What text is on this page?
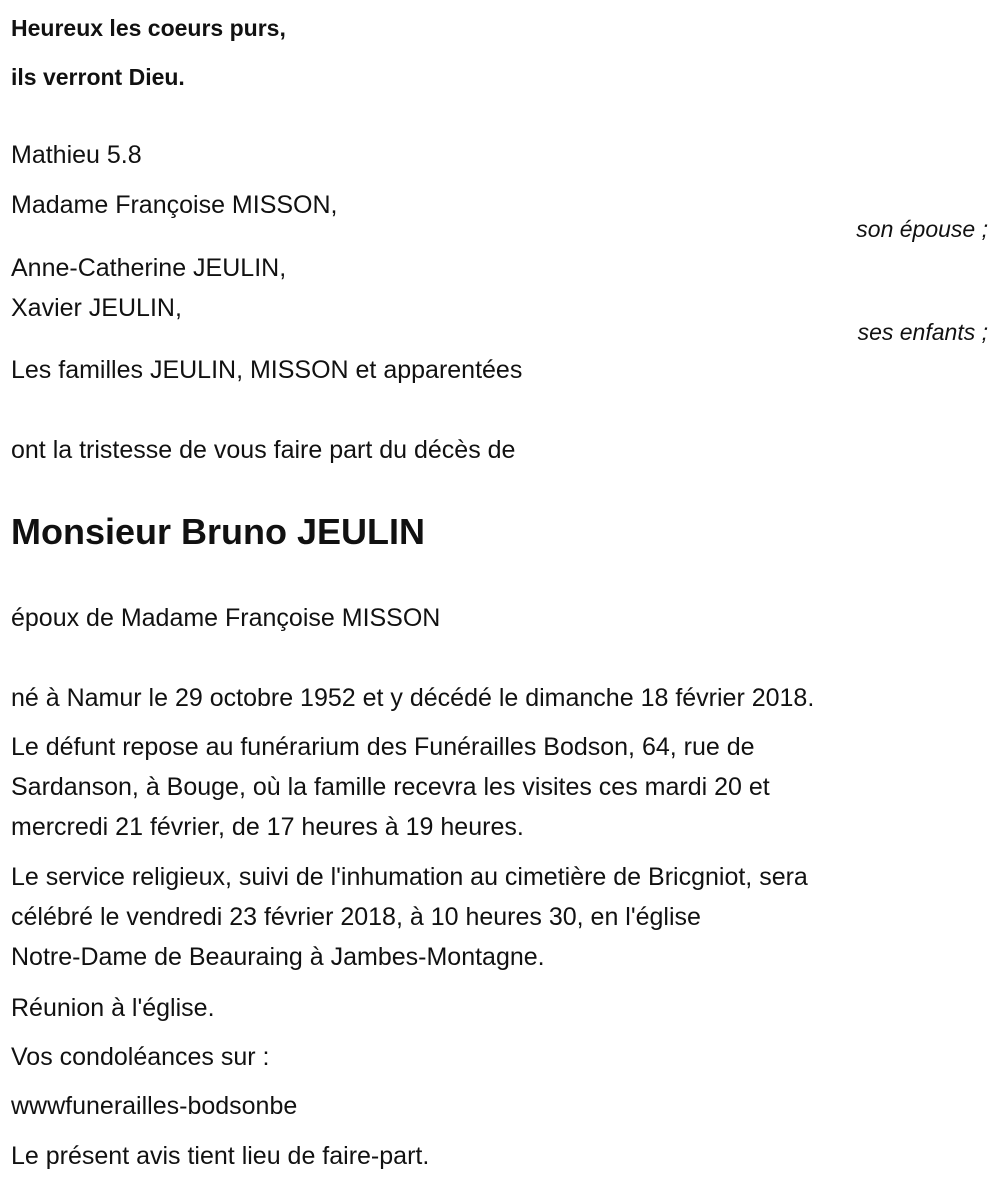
Heureux les coeurs purs,
ils verront Dieu.
Mathieu 5.8
Madame Françoise MISSON,
son épouse ;
Anne-Catherine JEULIN,
Xavier JEULIN,
ses enfants ;
Les familles JEULIN, MISSON et apparentées
ont la tristesse de vous faire part du décès de
Monsieur Bruno JEULIN
époux de Madame Françoise MISSON
né à Namur le 29 octobre 1952 et y décédé le dimanche 18 février 2018.
Le défunt repose au funérarium des Funérailles Bodson, 64, rue de
Sardanson, à Bouge, où la famille recevra les visites ces mardi 20 et
mercredi 21 février, de 17 heures à 19 heures.
Le service religieux, suivi de l'inhumation au cimetière de Bricgniot, sera
célébré le vendredi 23 février 2018, à 10 heures 30, en l'église
Notre-Dame de Beauraing à Jambes-Montagne.
Réunion à l'église.
Vos condoléances sur :
wwwfunerailles-bodsonbe
Le présent avis tient lieu de faire-part.
